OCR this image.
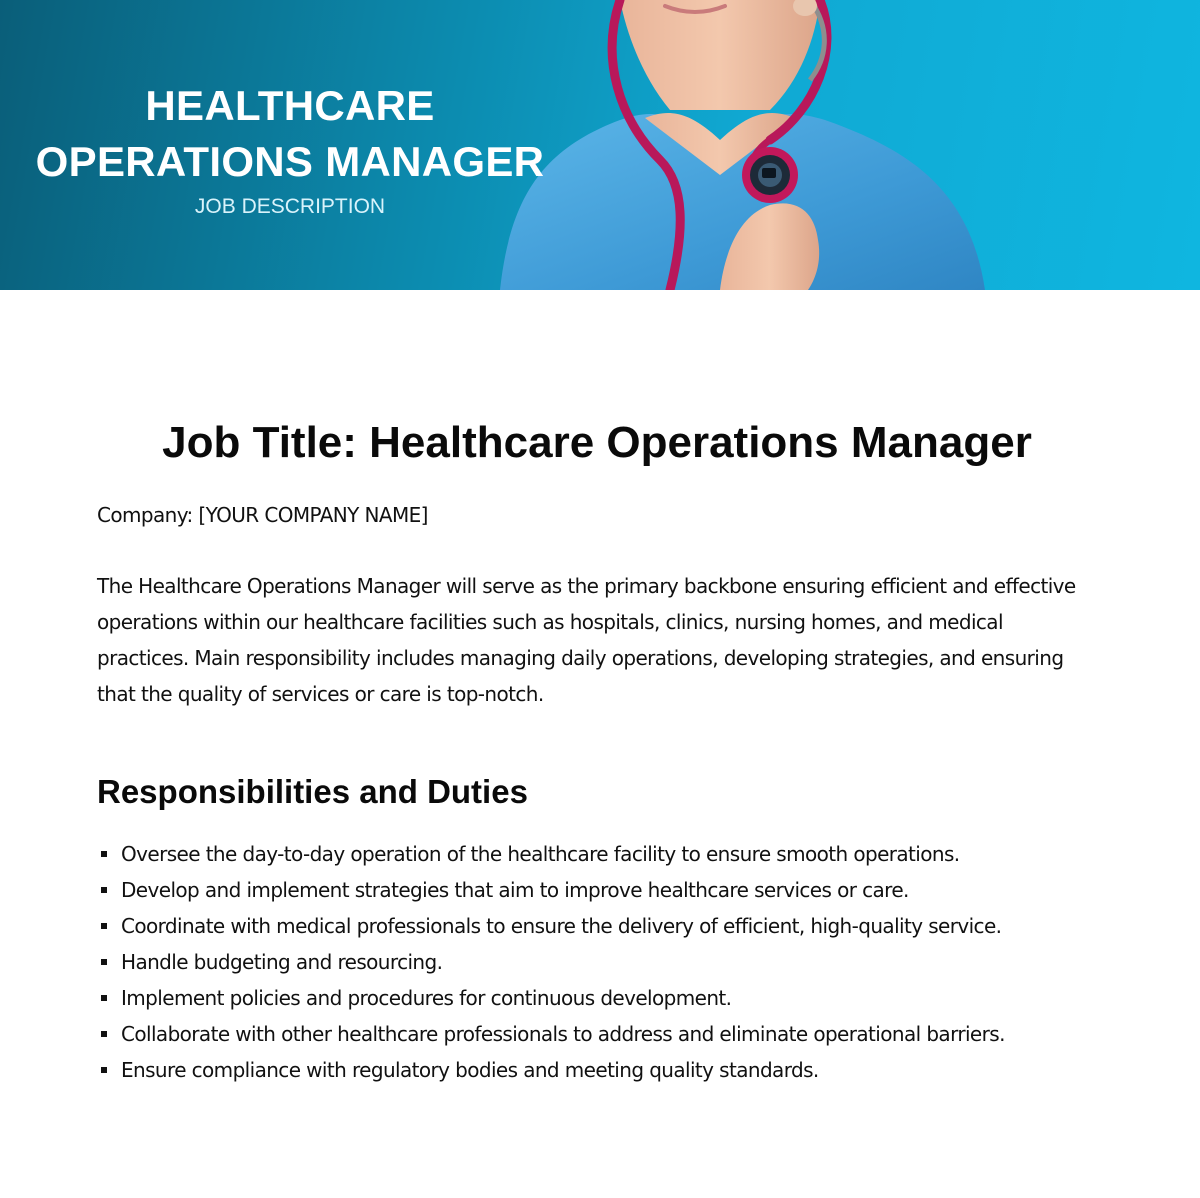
HEALTHCARE
OPERATIONS MANAGER
JOB DESCRIPTION
Job Title: Healthcare Operations Manager
Company: [YOUR COMPANY NAME]

The Healthcare Operations Manager will serve as the primary backbone ensuring efficient and effective operations within our healthcare facilities such as hospitals, clinics, nursing homes, and medical practices. Main responsibility includes managing daily operations, developing strategies, and ensuring that the quality of services or care is top-notch.

Responsibilities and Duties
Oversee the day-to-day operation of the healthcare facility to ensure smooth operations.
Develop and implement strategies that aim to improve healthcare services or care.
Coordinate with medical professionals to ensure the delivery of efficient, high-quality service.
Handle budgeting and resourcing.
Implement policies and procedures for continuous development.
Collaborate with other healthcare professionals to address and eliminate operational barriers.
Ensure compliance with regulatory bodies and meeting quality standards.
